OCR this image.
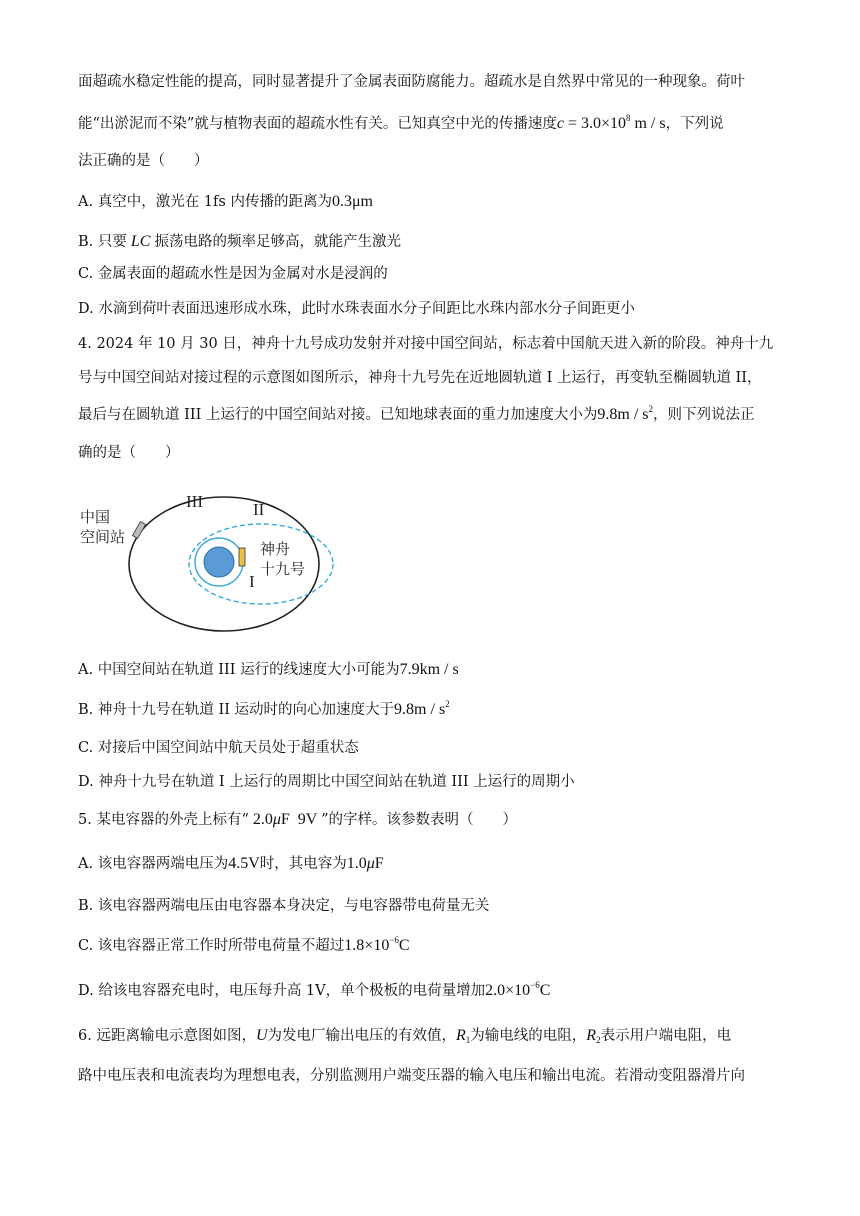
面超疏水稳定性能的提高，同时显著提升了金属表面防腐能力。超疏水是自然界中常见的一种现象。荷叶
能“出淤泥而不染”就与植物表面的超疏水性有关。已知真空中光的传播速度$c = 3.0\times 10^8$ m / s，下列说
法正确的是（　　）
A. 真空中，激光在 1fs 内传播的距离为0.3μm
B. 只要 LC 振荡电路的频率足够高，就能产生激光
C. 金属表面的超疏水性是因为金属对水是浸润的
D. 水滴到荷叶表面迅速形成水珠，此时水珠表面水分子间距比水珠内部水分子间距更小
4. 2024 年 10 月 30 日，神舟十九号成功发射并对接中国空间站，标志着中国航天进入新的阶段。神舟十九
号与中国空间站对接过程的示意图如图所示，神舟十九号先在近地圆轨道 I 上运行，再变轨至椭圆轨道 II，
最后与在圆轨道 III 上运行的中国空间站对接。已知地球表面的重力加速度大小为$9.8m / s^2$，则下列说法正
确的是（　　）
中国
空间站
III	II
I
神舟
十九号
A. 中国空间站在轨道 III 运行的线速度大小可能为7.9km / s
B. 神舟十九号在轨道 II 运动时的向心加速度大于$9.8m / s^2$
C. 对接后中国空间站中航天员处于超重状态
D. 神舟十九号在轨道 I 上运行的周期比中国空间站在轨道 III 上运行的周期小
5. 某电容器的外壳上标有“ 2.0μF  9V ”的字样。该参数表明（　　）
A. 该电容器两端电压为4.5V时，其电容为1.0μF
B. 该电容器两端电压由电容器本身决定，与电容器带电荷量无关
C. 该电容器正常工作时所带电荷量不超过$1.8\times 10^{-6}C$
D. 给该电容器充电时，电压每升高 1V，单个极板的电荷量增加$2.0\times 10^{-6}C$
6. 远距离输电示意图如图，U为发电厂输出电压的有效值，$R_1$为输电线的电阻，$R_2$表示用户端电阻，电
路中电压表和电流表均为理想电表，分别监测用户端变压器的输入电压和输出电流。若滑动变阻器滑片向
